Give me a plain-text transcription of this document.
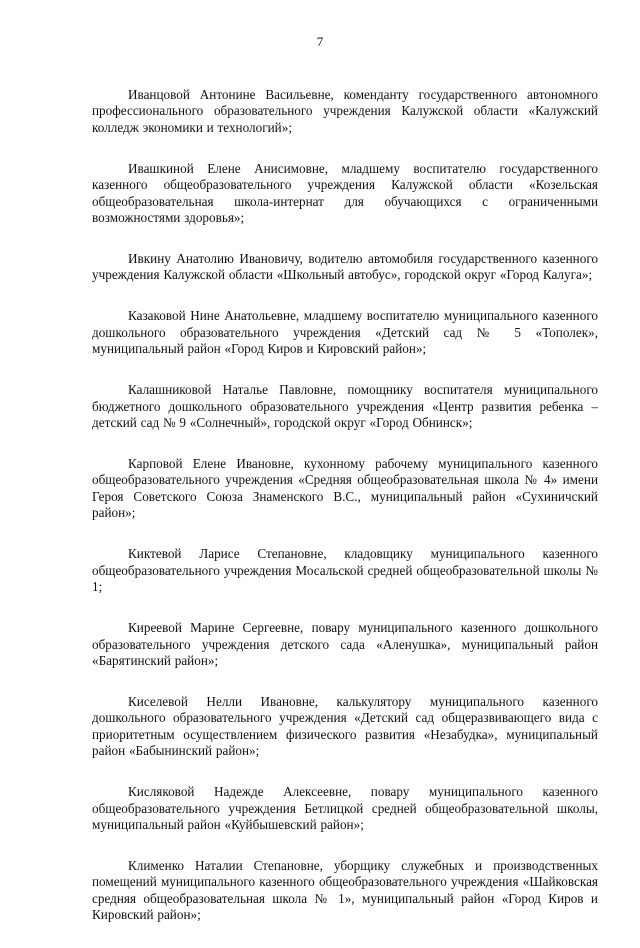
7

Иванцовой Антонине Васильевне, коменданту государственного автономного профессионального образовательного учреждения Калужской области «Калужский колледж экономики и технологий»;

Ивашкиной Елене Анисимовне, младшему воспитателю государственного казенного общеобразовательного учреждения Калужской области «Козельская общеобразовательная школа-интернат для обучающихся с ограниченными возможностями здоровья»;

Ивкину Анатолию Ивановичу, водителю автомобиля государственного казенного учреждения Калужской области «Школьный автобус», городской округ «Город Калуга»;

Казаковой Нине Анатольевне, младшему воспитателю муниципального казенного дошкольного образовательного учреждения «Детский сад № 5 «Тополек», муниципальный район «Город Киров и Кировский район»;

Калашниковой Наталье Павловне, помощнику воспитателя муниципального бюджетного дошкольного образовательного учреждения «Центр развития ребенка – детский сад № 9 «Солнечный», городской округ «Город Обнинск»;

Карповой Елене Ивановне, кухонному рабочему муниципального казенного общеобразовательного учреждения «Средняя общеобразовательная школа № 4» имени Героя Советского Союза Знаменского В.С., муниципальный район «Сухиничский район»;

Киктевой Ларисе Степановне, кладовщику муниципального казенного общеобразовательного учреждения Мосальской средней общеобразовательной школы № 1;

Киреевой Марине Сергеевне, повару муниципального казенного дошкольного образовательного учреждения детского сада «Аленушка», муниципальный район «Барятинский район»;

Киселевой Нелли Ивановне, калькулятору муниципального казенного дошкольного образовательного учреждения «Детский сад общеразвивающего вида с приоритетным осуществлением физического развития «Незабудка», муниципальный район «Бабынинский район»;

Кисляковой Надежде Алексеевне, повару муниципального казенного общеобразовательного учреждения Бетлицкой средней общеобразовательной школы, муниципальный район «Куйбышевский район»;

Клименко Наталии Степановне, уборщику служебных и производственных помещений муниципального казенного общеобразовательного учреждения «Шайковская средняя общеобразовательная школа № 1», муниципальный район «Город Киров и Кировский район»;
